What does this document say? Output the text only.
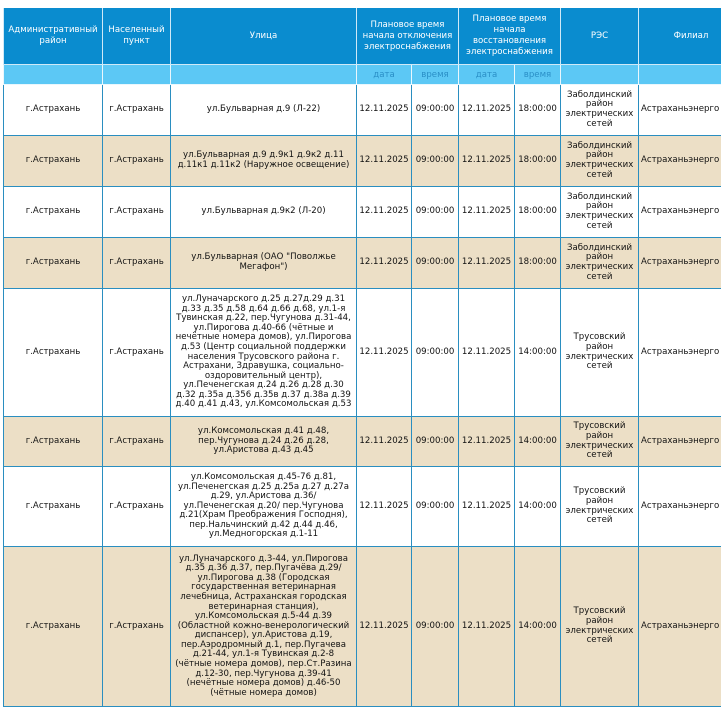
Административный район	Населенный пункт	Улица	Плановое время начала отключения электроснабжения		Плановое время начала восстановления электроснабжения		РЭС	Филиал
			дата	время	дата	время		
г.Астрахань	г.Астрахань	ул.Бульварная д.9 (Л-22)	12.11.2025	09:00:00	12.11.2025	18:00:00	Заболдинский район электрических сетей	Астраханьэнерго
г.Астрахань	г.Астрахань	ул.Бульварная д.9 д.9к1 д.9к2 д.11 д.11к1 д.11к2 (Наружное освещение)	12.11.2025	09:00:00	12.11.2025	18:00:00	Заболдинский район электрических сетей	Астраханьэнерго
г.Астрахань	г.Астрахань	ул.Бульварная д.9к2 (Л-20)	12.11.2025	09:00:00	12.11.2025	18:00:00	Заболдинский район электрических сетей	Астраханьэнерго
г.Астрахань	г.Астрахань	ул.Бульварная (ОАО "Поволжье Мегафон")	12.11.2025	09:00:00	12.11.2025	18:00:00	Заболдинский район электрических сетей	Астраханьэнерго
г.Астрахань	г.Астрахань	ул.Луначарского д.25 д.27д.29 д.31 д.33 д.35 д.58 д.64 д.66 д.68, ул.1-я Тувинская д.22, пер.Чугунова д.31-44, ул.Пирогова д.40-66 (чётные и нечётные номера домов), ул.Пирогова д.53 (Центр социальной поддержки населения Трусовского района г. Астрахани, Здравушка, социально-оздоровительный центр), ул.Печенегская д.24 д.26 д.28 д.30 д.32 д.35а д.356 д.35в д.37 д.38а д.39 д.40 д.41 д.43, ул.Комсомольская д.53	12.11.2025	09:00:00	12.11.2025	14:00:00	Трусовский район электрических сетей	Астраханьэнерго
г.Астрахань	г.Астрахань	ул.Комсомольская д.41 д.48, пер.Чугунова д.24 д.26 д.28, ул.Аристова д.43 д.45	12.11.2025	09:00:00	12.11.2025	14:00:00	Трусовский район электрических сетей	Астраханьэнерго
г.Астрахань	г.Астрахань	ул.Комсомольская д.45-76 д.81, ул.Печенегская д.25 д.25а д.27 д.27а д.29, ул.Аристова д.36/ул.Печенегская д.20/ пер.Чугунова д.21(Храм Преображения Господня), пер.Нальчинский д.42 д.44 д.46, ул.Медногорская д.1-11	12.11.2025	09:00:00	12.11.2025	14:00:00	Трусовский район электрических сетей	Астраханьэнерго
г.Астрахань	г.Астрахань	ул.Луначарского д.3-44, ул.Пирогова д.35 д.36 д.37, пер.Пугачёва д.29/ ул.Пирогова д.38 (Городская государственная ветеринарная лечебница, Астраханская городская ветеринарная станция), ул.Комсомольская д.5-44 д.39 (Областной кожно-венерологический диспансер), ул.Аристова д.19, пер.Аэродромный д.1, пер.Пугачева д.21-44, ул.1-я Тувинская д.2-8 (чётные номера домов), пер.Ст.Разина д.12-30, пер.Чугунова д.39-41 (нечётные номера домов) д.46-50 (чётные номера домов)	12.11.2025	09:00:00	12.11.2025	14:00:00	Трусовский район электрических сетей	Астраханьэнерго
